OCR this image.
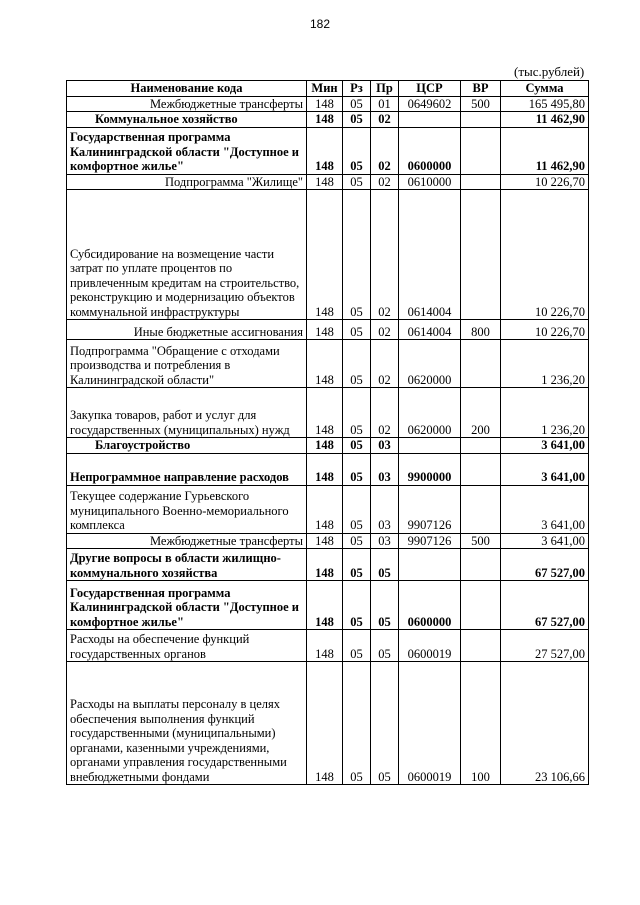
182
(тыс.рублей)
Наименование кода	Мин	Рз	Пр	ЦСР	ВР	Сумма
Межбюджетные трансферты	148	05	01	0649602	500	165 495,80
Коммунальное хозяйство	148	05	02			11 462,90
Государственная программа Калининградской области "Доступное и комфортное жилье"	148	05	02	0600000		11 462,90
Подпрограмма "Жилище"	148	05	02	0610000		10 226,70
Субсидирование на возмещение части затрат по уплате процентов по привлеченным кредитам на строительство, реконструкцию и модернизацию объектов коммунальной инфраструктуры	148	05	02	0614004		10 226,70
Иные бюджетные ассигнования	148	05	02	0614004	800	10 226,70
Подпрограмма "Обращение с отходами производства и потребления в Калининградской области"	148	05	02	0620000		1 236,20
Закупка товаров, работ и услуг для государственных (муниципальных) нужд	148	05	02	0620000	200	1 236,20
Благоустройство	148	05	03			3 641,00
Непрограммное направление расходов	148	05	03	9900000		3 641,00
Текущее содержание Гурьевского муниципального Военно-мемориального комплекса	148	05	03	9907126		3 641,00
Межбюджетные трансферты	148	05	03	9907126	500	3 641,00
Другие вопросы в области жилищно-коммунального хозяйства	148	05	05			67 527,00
Государственная программа Калининградской области "Доступное и комфортное жилье"	148	05	05	0600000		67 527,00
Расходы на обеспечение функций государственных органов	148	05	05	0600019		27 527,00
Расходы на выплаты персоналу в целях обеспечения выполнения функций государственными (муниципальными) органами, казенными учреждениями, органами управления государственными внебюджетными фондами	148	05	05	0600019	100	23 106,66
